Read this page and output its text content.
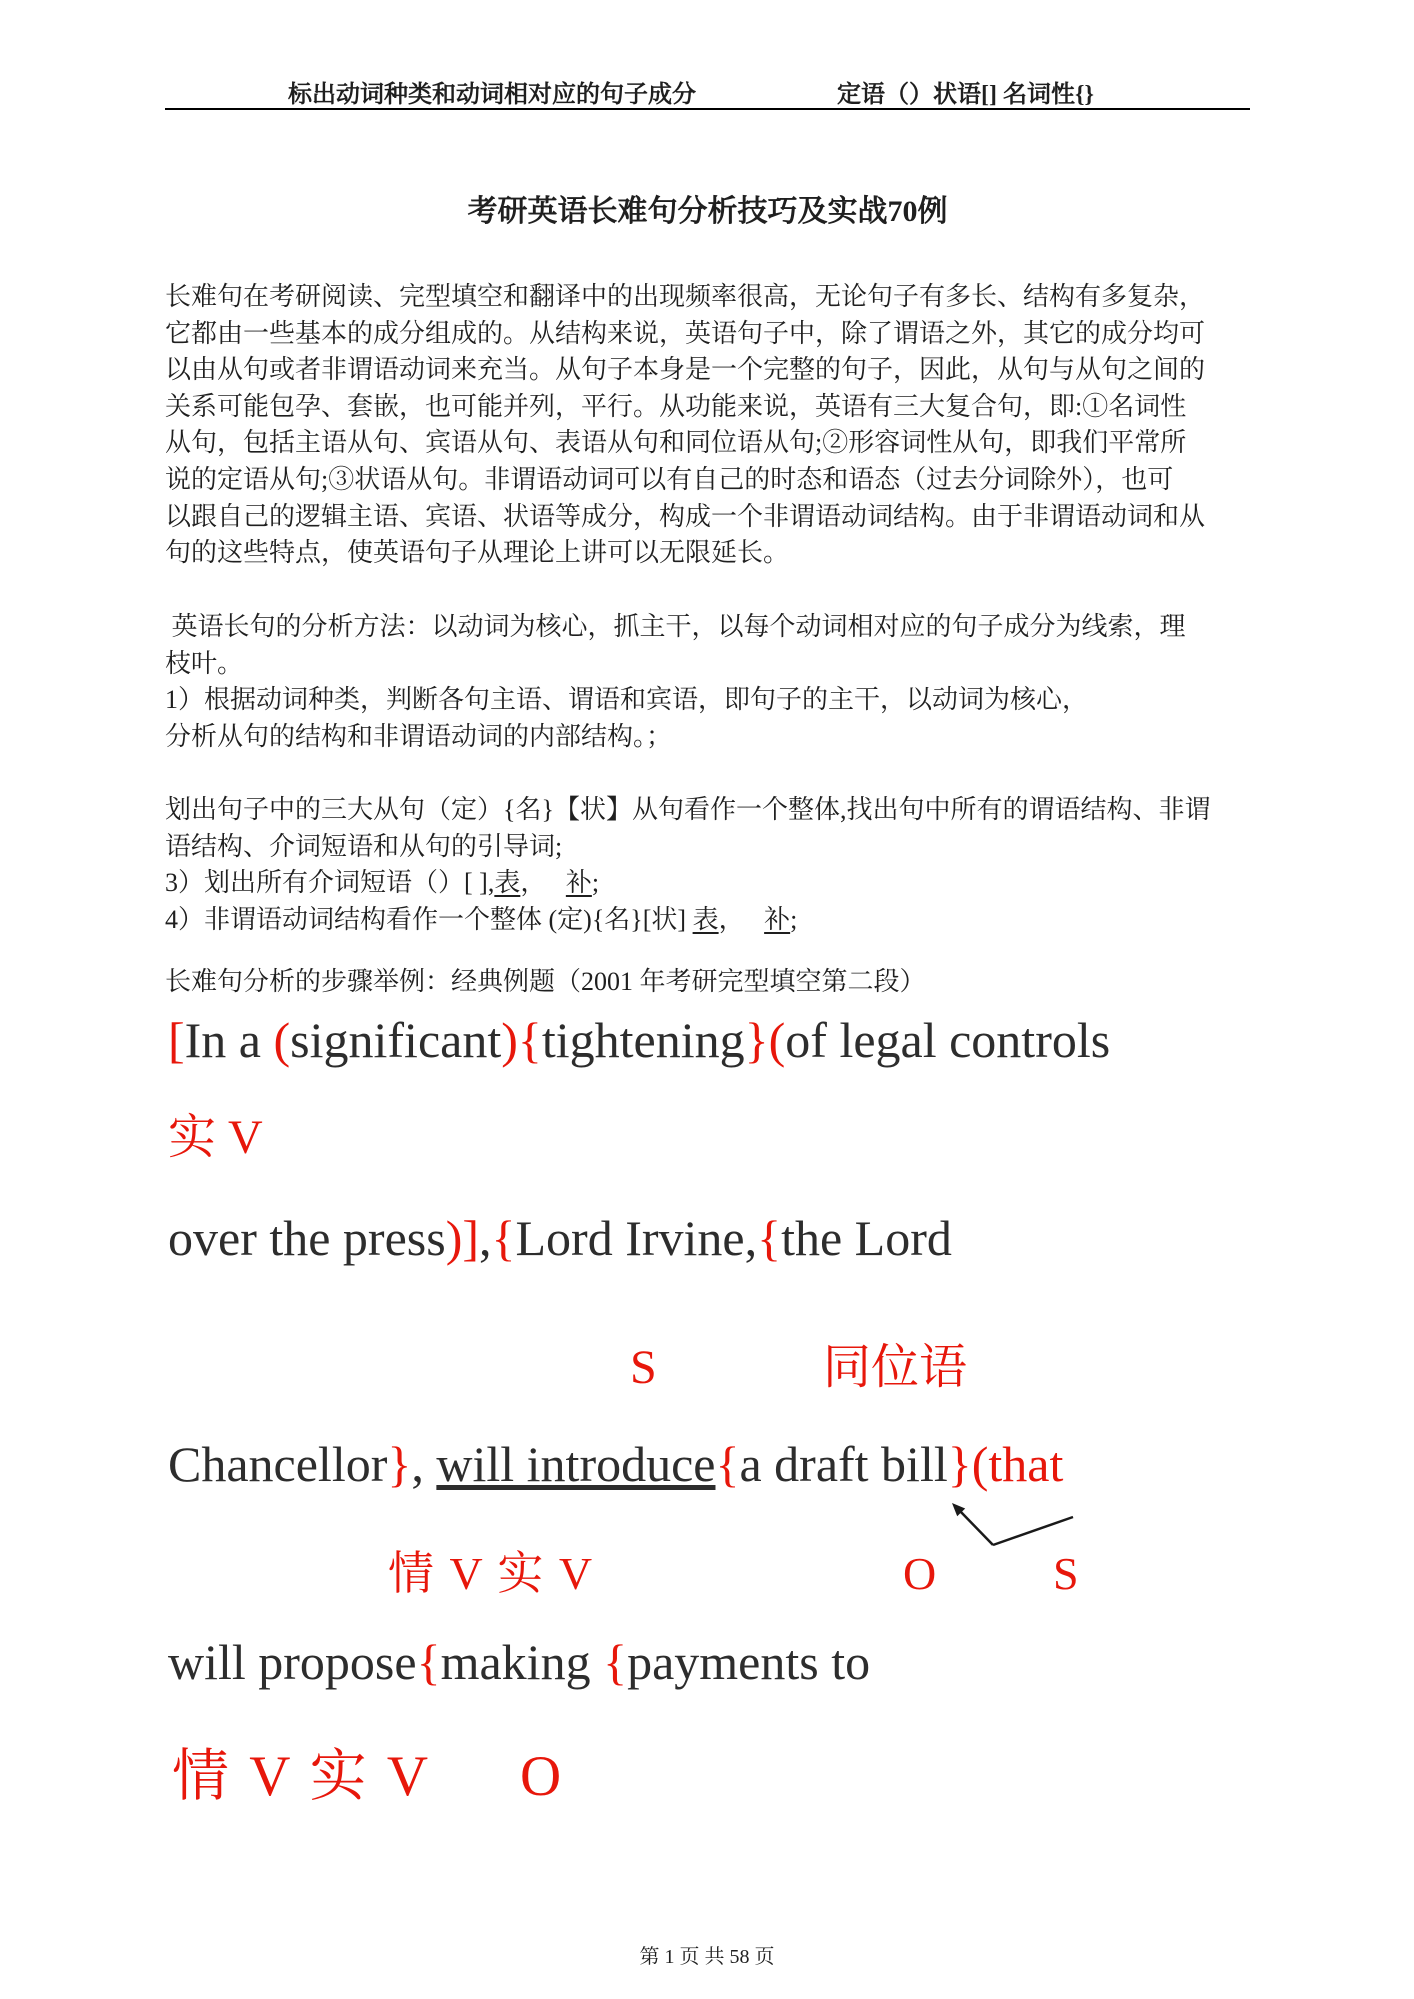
标出动词种类和动词相对应的句子成分	定语（）状语[] 名词性{}
考研英语长难句分析技巧及实战70例
长难句在考研阅读、完型填空和翻译中的出现频率很高，无论句子有多长、结构有多复杂，
它都由一些基本的成分组成的。从结构来说，英语句子中，除了谓语之外，其它的成分均可
以由从句或者非谓语动词来充当。从句子本身是一个完整的句子，因此，从句与从句之间的
关系可能包孕、套嵌，也可能并列，平行。从功能来说，英语有三大复合句，即:①名词性
从句，包括主语从句、宾语从句、表语从句和同位语从句;②形容词性从句，即我们平常所
说的定语从句;③状语从句。非谓语动词可以有自己的时态和语态（过去分词除外），也可
以跟自己的逻辑主语、宾语、状语等成分，构成一个非谓语动词结构。由于非谓语动词和从
句的这些特点，使英语句子从理论上讲可以无限延长。
英语长句的分析方法：以动词为核心，抓主干，以每个动词相对应的句子成分为线索，理
枝叶。
1）根据动词种类，判断各句主语、谓语和宾语，即句子的主干，以动词为核心，
分析从句的结构和非谓语动词的内部结构。；
划出句子中的三大从句（定）{名}【状】从句看作一个整体,找出句中所有的谓语结构、非谓
语结构、介词短语和从句的引导词;
3）划出所有介词短语（）[ ],表，   补;
4）非谓语动词结构看作一个整体 (定){名}[状] 表，   补;
长难句分析的步骤举例：经典例题（2001 年考研完型填空第二段）
[In a (significant){tightening}(of legal controls
实 V
over the press)],{Lord Irvine,{the Lord
S	同位语
Chancellor}, will introduce{a draft bill}(that
情 V 实 V	O	S
will propose{making {payments to
情 V 实 V O
第 1 页 共 58 页
